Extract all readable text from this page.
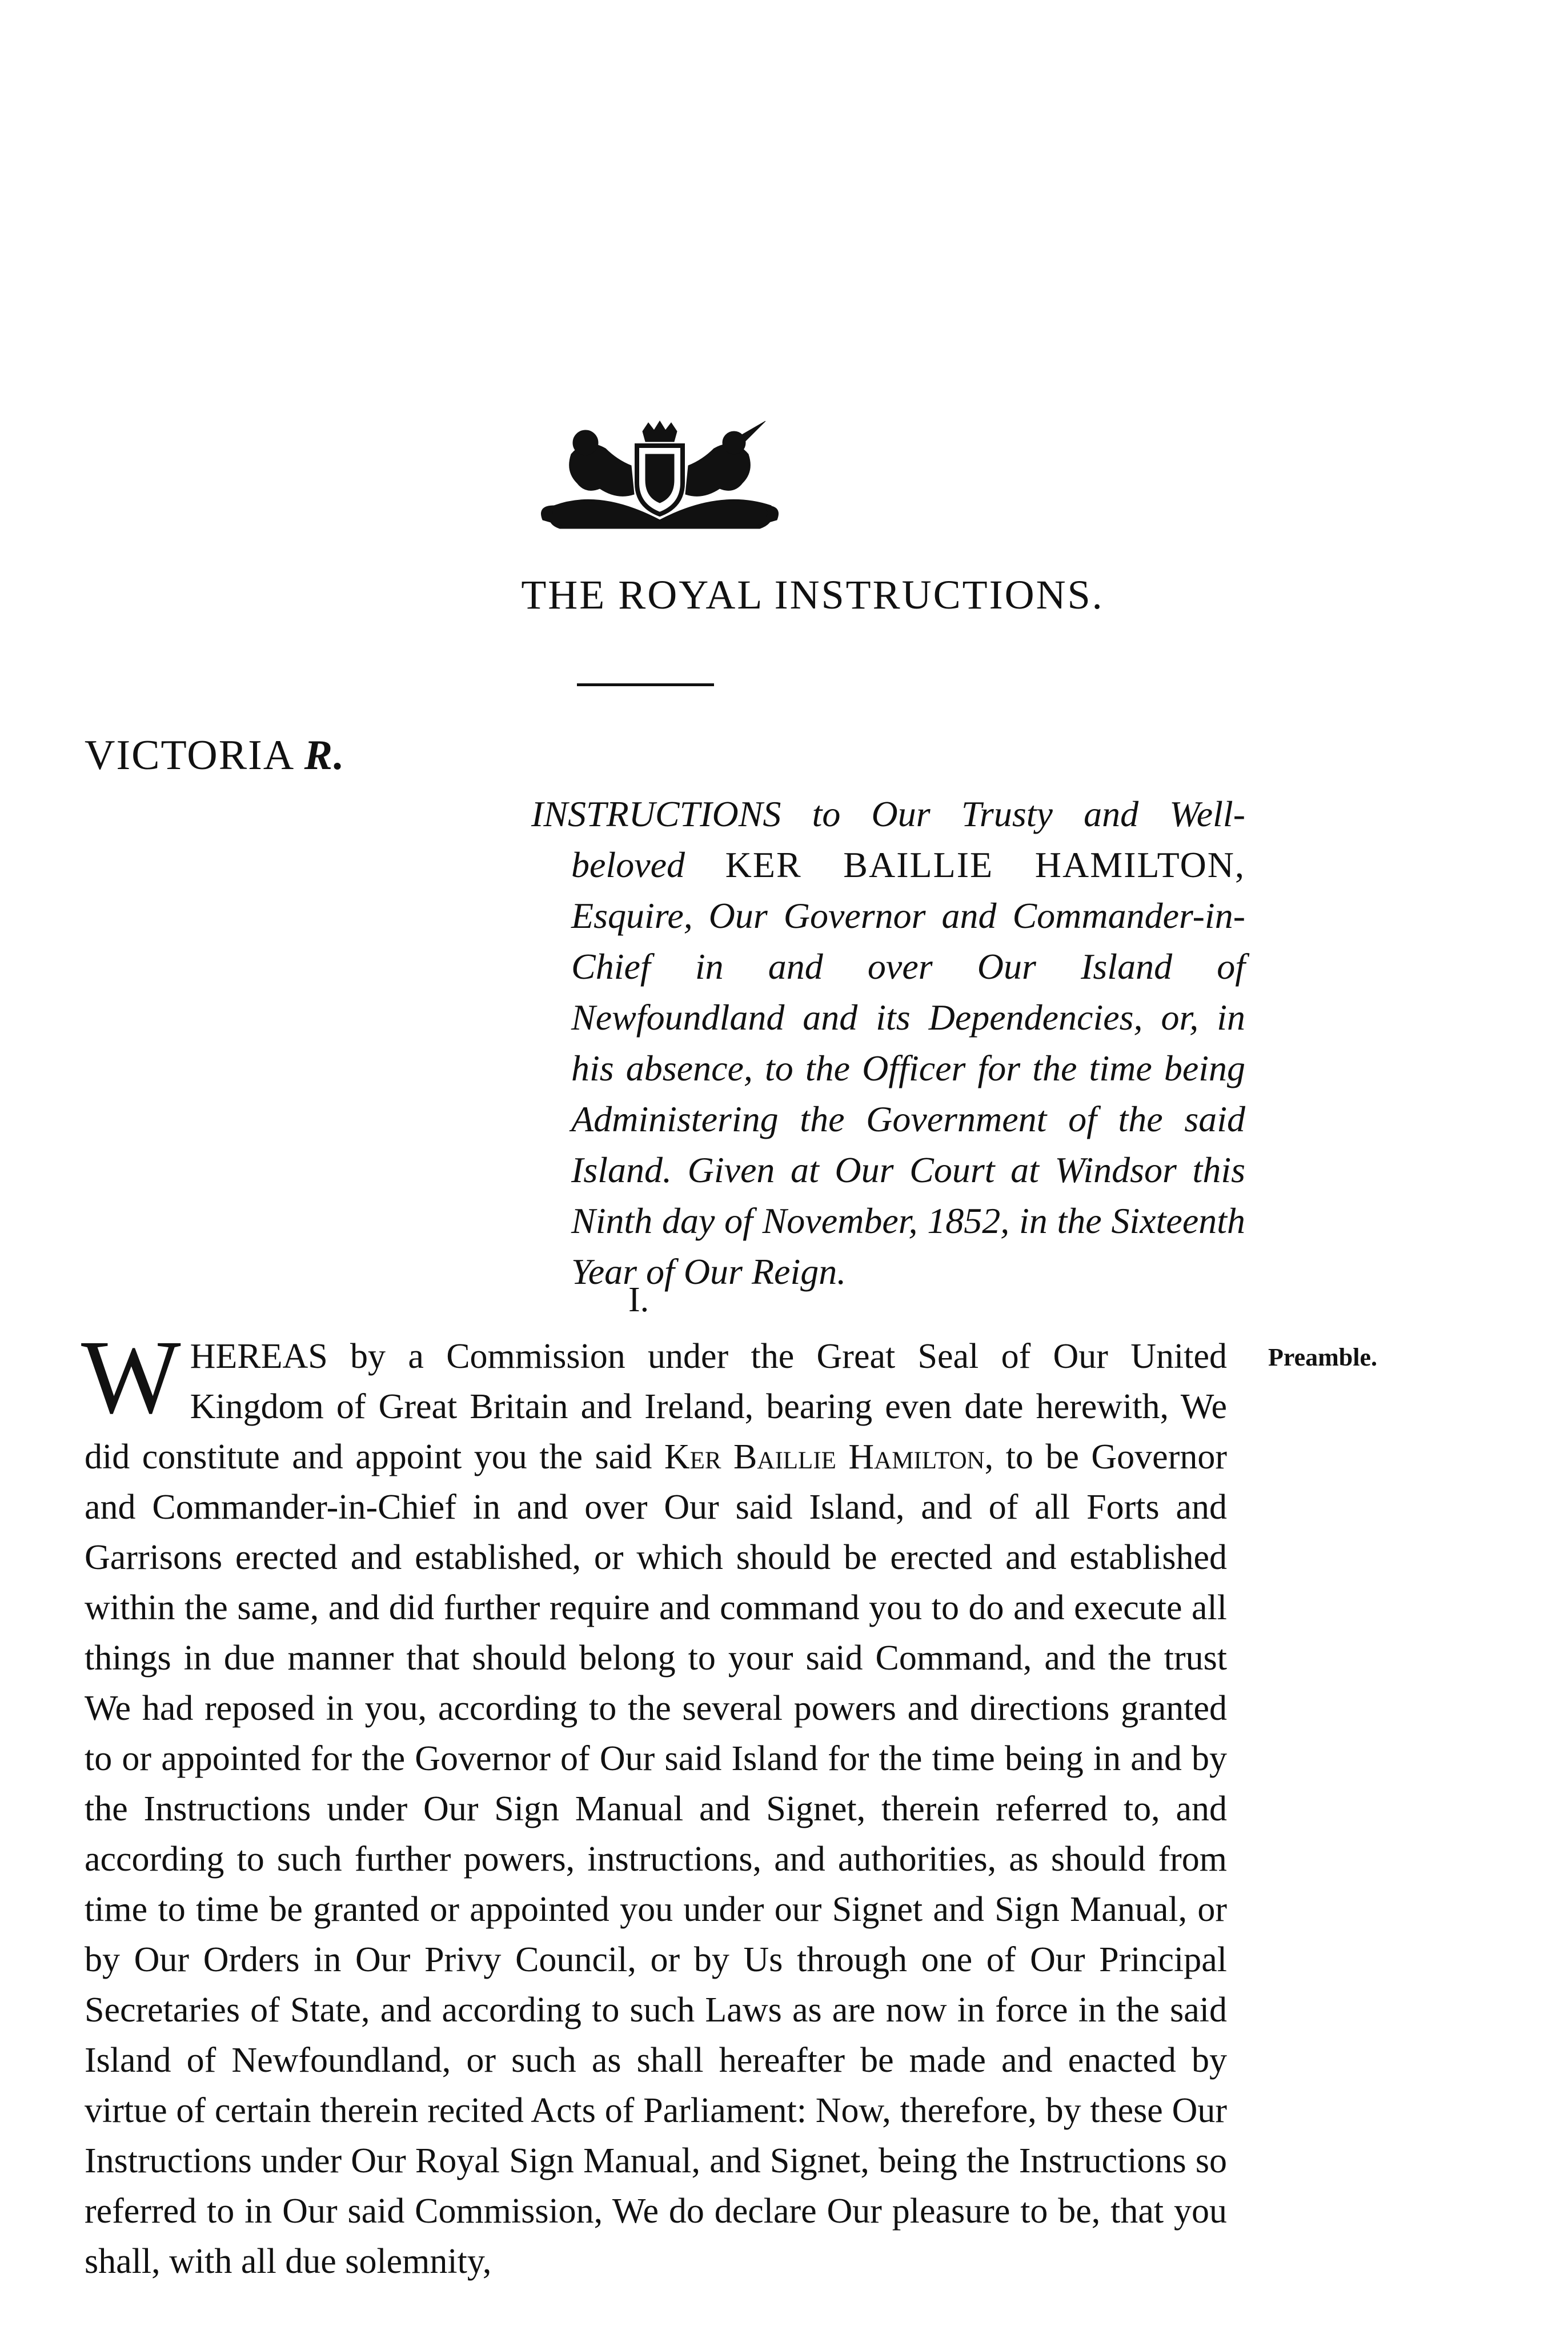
THE ROYAL INSTRUCTIONS.
VICTORIA R.

INSTRUCTIONS to Our Trusty and Well-beloved KER BAILLIE HAMILTON, Esquire, Our Governor and Commander-in-Chief in and over Our Island of Newfoundland and its Dependencies, or, in his absence, to the Officer for the time being Administering the Government of the said Island. Given at Our Court at Windsor this Ninth day of November, 1852, in the Sixteenth Year of Our Reign.

I.
Preamble.
W HEREAS by a Commission under the Great Seal of Our United Kingdom of Great Britain and Ireland, bearing even date herewith, We did constitute and appoint you the said Ker Baillie Hamilton, to be Governor and Commander-in-Chief in and over Our said Island, and of all Forts and Garrisons erected and established, or which should be erected and established within the same, and did further require and command you to do and execute all things in due manner that should belong to your said Command, and the trust We had reposed in you, according to the several powers and directions granted to or appointed for the Governor of Our said Island for the time being in and by the Instructions under Our Sign Manual and Signet, therein referred to, and according to such further powers, instructions, and authorities, as should from time to time be granted or appointed you under our Signet and Sign Manual, or by Our Orders in Our Privy Council, or by Us through one of Our Principal Secretaries of State, and according to such Laws as are now in force in the said Island of Newfoundland, or such as shall hereafter be made and enacted by virtue of certain therein recited Acts of Parliament: Now, therefore, by these Our Instructions under Our Royal Sign Manual, and Signet, being the Instructions so referred to in Our said Commission, We do declare Our pleasure to be, that you shall, with all due solemnity,
